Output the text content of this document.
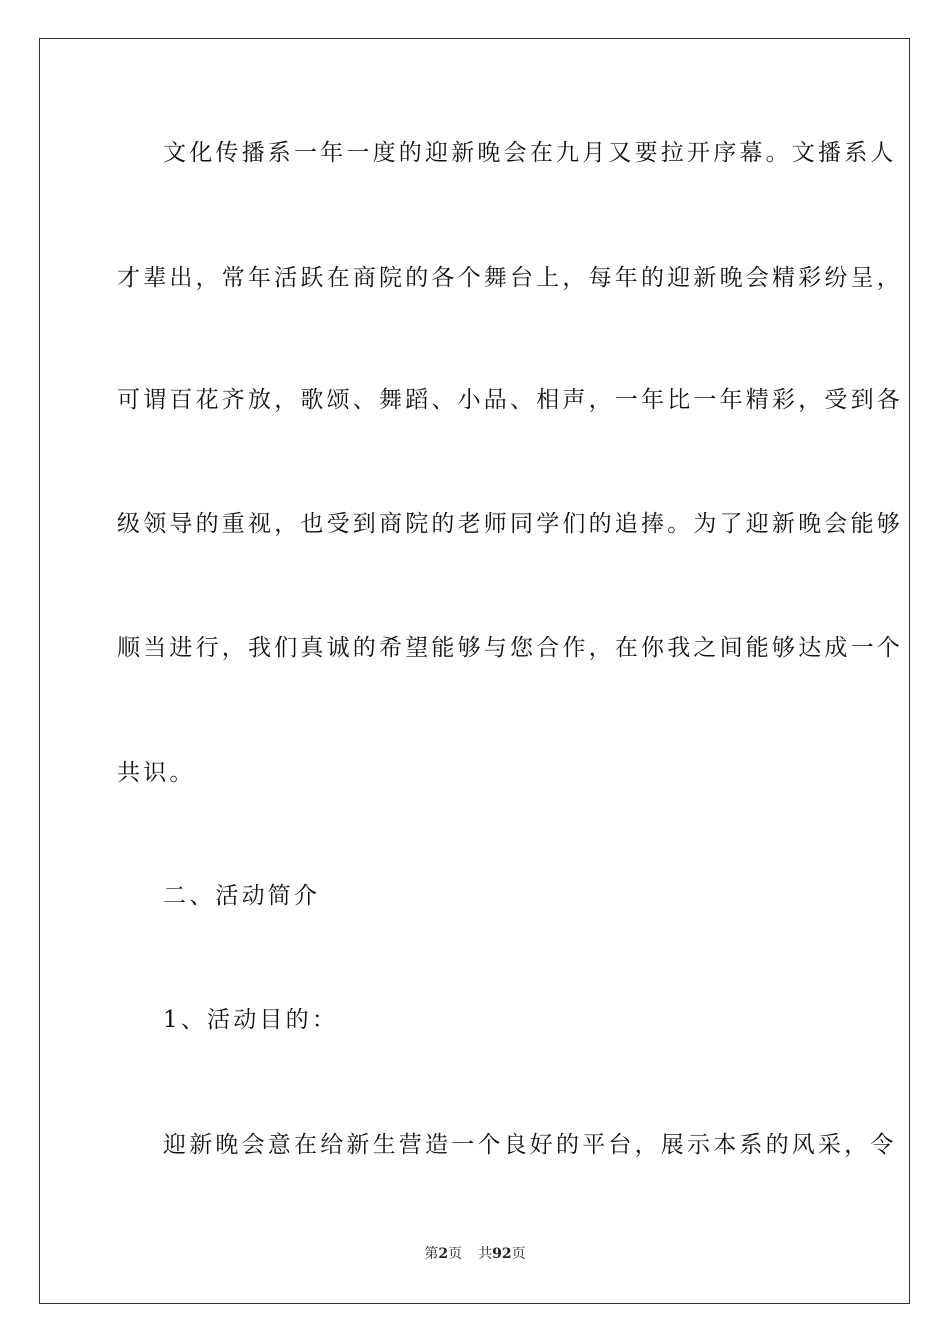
文化传播系一年一度的迎新晚会在九月又要拉开序幕。文播系人
才辈出，常年活跃在商院的各个舞台上，每年的迎新晚会精彩纷呈，
可谓百花齐放，歌颂、舞蹈、小品、相声，一年比一年精彩，受到各
级领导的重视，也受到商院的老师同学们的追捧。为了迎新晚会能够
顺当进行，我们真诚的希望能够与您合作，在你我之间能够达成一个
共识。
二、活动简介
1、活动目的：
迎新晚会意在给新生营造一个良好的平台，展示本系的风采，令
第2页 共92页
